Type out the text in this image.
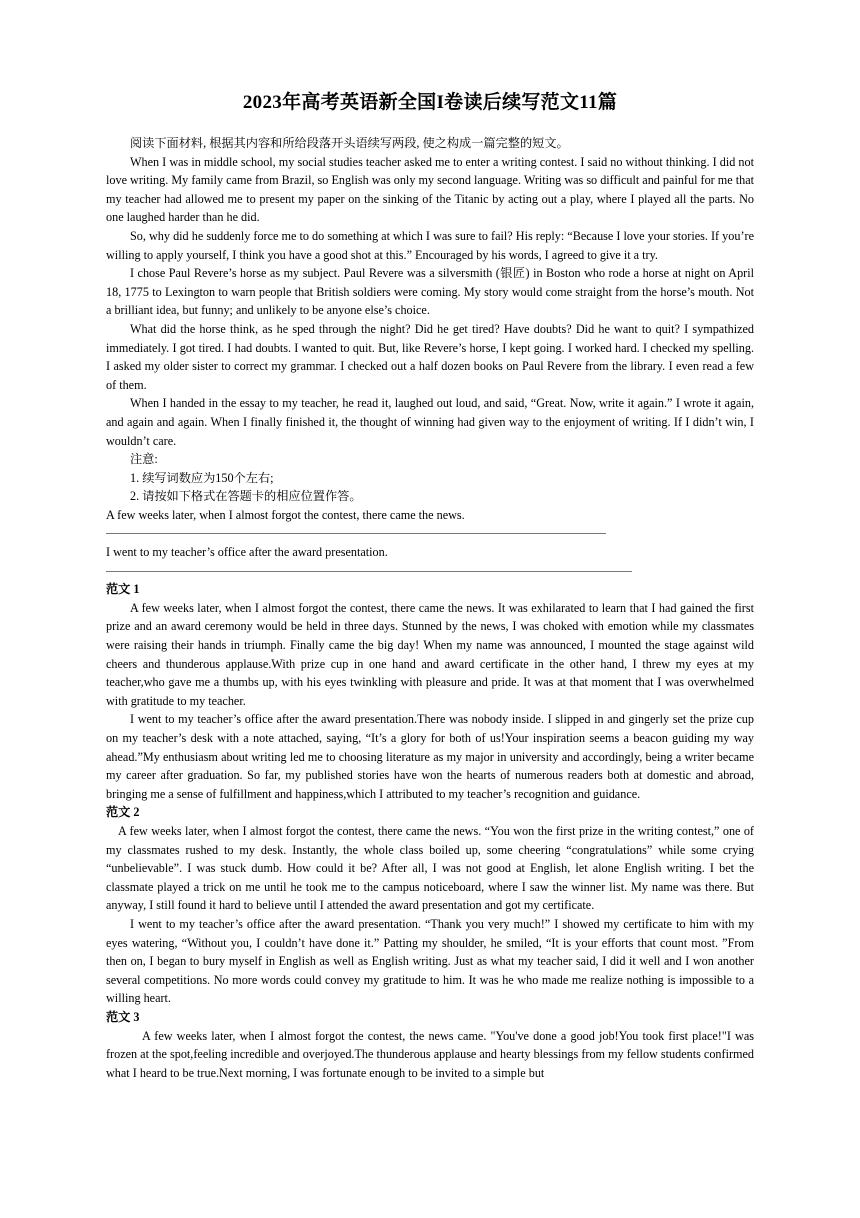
2023年高考英语新全国I卷读后续写范文11篇

阅读下面材料, 根据其内容和所给段落开头语续写两段, 使之构成一篇完整的短文。

When I was in middle school, my social studies teacher asked me to enter a writing contest. I said no without thinking. I did not love writing. My family came from Brazil, so English was only my second language. Writing was so difficult and painful for me that my teacher had allowed me to present my paper on the sinking of the Titanic by acting out a play, where I played all the parts. No one laughed harder than he did.

So, why did he suddenly force me to do something at which I was sure to fail? His reply: “Because I love your stories. If you’re willing to apply yourself, I think you have a good shot at this.” Encouraged by his words, I agreed to give it a try.

I chose Paul Revere’s horse as my subject. Paul Revere was a silversmith (银匠) in Boston who rode a horse at night on April 18, 1775 to Lexington to warn people that British soldiers were coming. My story would come straight from the horse’s mouth. Not a brilliant idea, but funny; and unlikely to be anyone else’s choice.

What did the horse think, as he sped through the night? Did he get tired? Have doubts? Did he want to quit? I sympathized immediately. I got tired. I had doubts. I wanted to quit. But, like Revere’s horse, I kept going. I worked hard. I checked my spelling. I asked my older sister to correct my grammar. I checked out a half dozen books on Paul Revere from the library. I even read a few of them.

When I handed in the essay to my teacher, he read it, laughed out loud, and said, “Great. Now, write it again.” I wrote it again, and again and again. When I finally finished it, the thought of winning had given way to the enjoyment of writing. If I didn’t win, I wouldn’t care.

注意:

1. 续写词数应为150个左右;

2. 请按如下格式在答题卡的相应位置作答。

A few weeks later, when I almost forgot the contest, there came the news.

I went to my teacher’s office after the award presentation.

范文 1

A few weeks later, when I almost forgot the contest, there came the news. It was exhilarated to learn that I had gained the first prize and an award ceremony would be held in three days. Stunned by the news, I was choked with emotion while my classmates were raising their hands in triumph. Finally came the big day! When my name was announced, I mounted the stage against wild cheers and thunderous applause.With prize cup in one hand and award certificate in the other hand, I threw my eyes at my teacher,who gave me a thumbs up, with his eyes twinkling with pleasure and pride. It was at that moment that I was overwhelmed with gratitude to my teacher.

I went to my teacher’s office after the award presentation.There was nobody inside. I slipped in and gingerly set the prize cup on my teacher’s desk with a note attached, saying, “It’s a glory for both of us!Your inspiration seems a beacon guiding my way ahead.”My enthusiasm about writing led me to choosing literature as my major in university and accordingly, being a writer became my career after graduation. So far, my published stories have won the hearts of numerous readers both at domestic and abroad, bringing me a sense of fulfillment and happiness,which I attributed to my teacher’s recognition and guidance.

范文 2

A few weeks later, when I almost forgot the contest, there came the news. “You won the first prize in the writing contest,” one of my classmates rushed to my desk. Instantly, the whole class boiled up, some cheering “congratulations” while some crying “unbelievable”. I was stuck dumb. How could it be? After all, I was not good at English, let alone English writing. I bet the classmate played a trick on me until he took me to the campus noticeboard, where I saw the winner list. My name was there. But anyway, I still found it hard to believe until I attended the award presentation and got my certificate.

I went to my teacher’s office after the award presentation. “Thank you very much!” I showed my certificate to him with my eyes watering, “Without you, I couldn’t have done it.” Patting my shoulder, he smiled, “It is your efforts that count most. ”From then on, I began to bury myself in English as well as English writing. Just as what my teacher said, I did it well and I won another several competitions. No more words could convey my gratitude to him. It was he who made me realize nothing is impossible to a willing heart.

范文 3

A few weeks later, when I almost forgot the contest, the news came. "You've done a good job!You took first place!"I was frozen at the spot,feeling incredible and overjoyed.The thunderous applause and hearty blessings from my fellow students confirmed what I heard to be true.Next morning, I was fortunate enough to be invited to a simple but
